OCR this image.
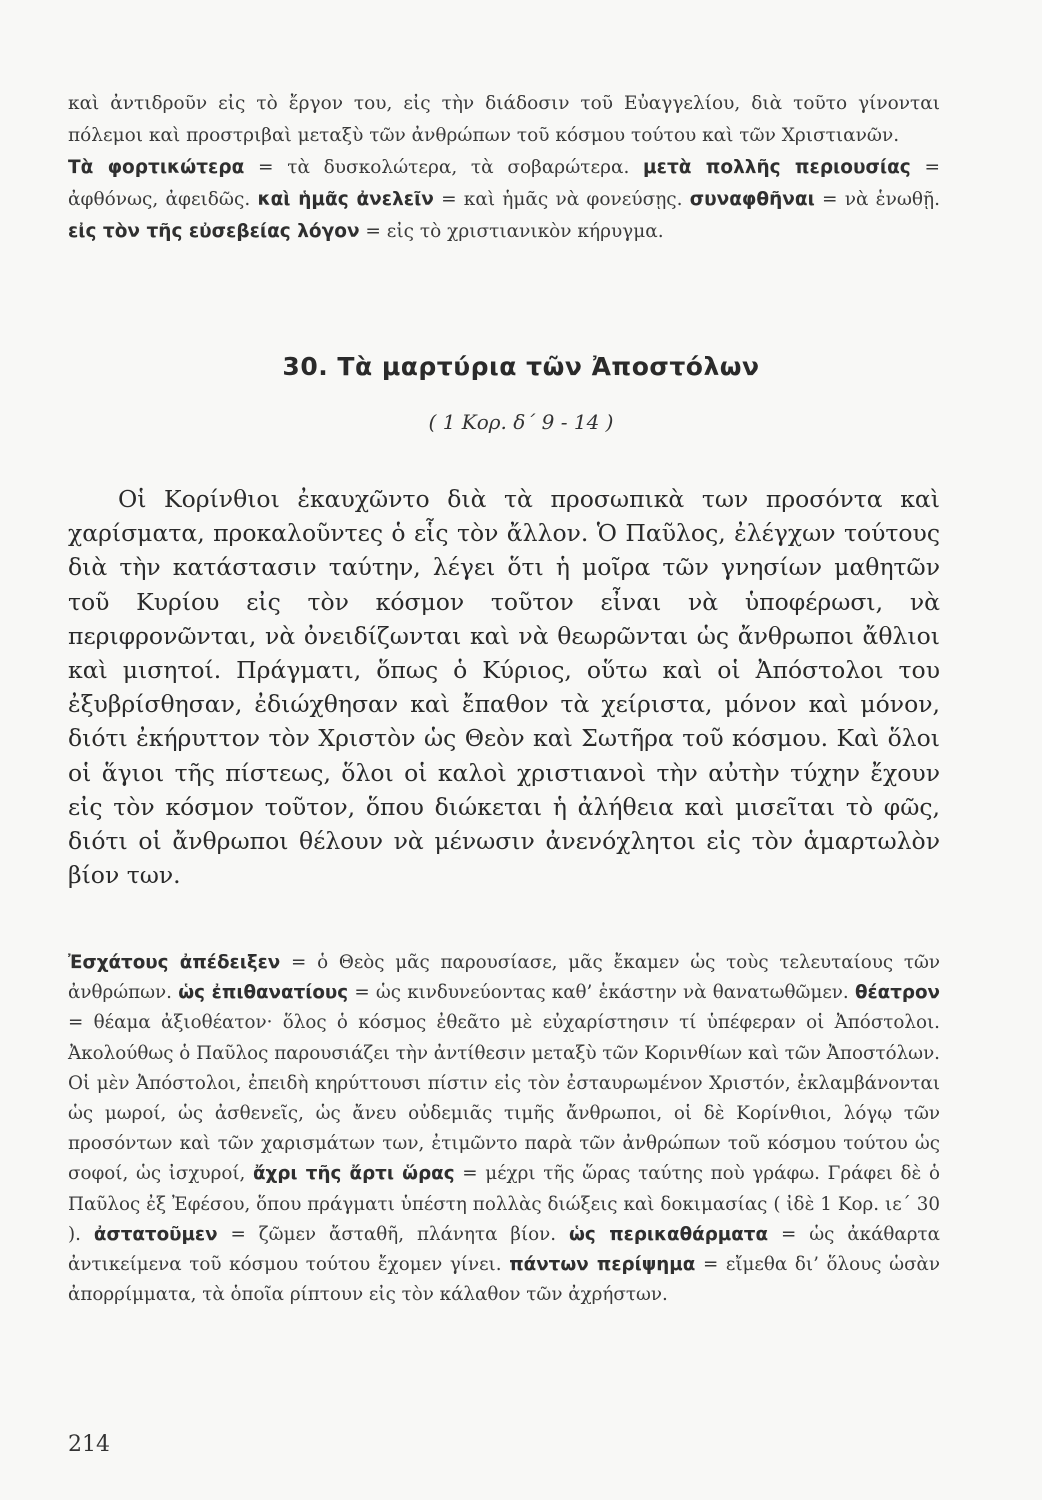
καὶ ἀντιδροῦν εἰς τὸ ἔργον του, εἰς τὴν διάδοσιν τοῦ Εὐαγγελίου, διὰ τοῦτο γίνονται πόλεμοι καὶ προστριβαὶ μεταξὺ τῶν ἀνθρώπων τοῦ κόσμου τούτου καὶ τῶν Χριστιανῶν.

Τὰ φορτικώτερα = τὰ δυσκολώτερα, τὰ σοβαρώτερα. μετὰ πολλῆς περιουσίας = ἀφθόνως, ἀφειδῶς. καὶ ἡμᾶς ἀνελεῖν = καὶ ἡμᾶς νὰ φονεύσῃς. συναφθῆναι = νὰ ἑνωθῇ. εἰς τὸν τῆς εὐσεβείας λόγον = εἰς τὸ χριστιανικὸν κήρυγμα.

30. Τὰ μαρτύρια τῶν Ἀποστόλων

( 1 Κορ. δ΄ 9 - 14 )

Οἱ Κορίνθιοι ἐκαυχῶντο διὰ τὰ προσωπικὰ των προσόντα καὶ χαρίσματα, προκαλοῦντες ὁ εἷς τὸν ἄλλον. Ὁ Παῦλος, ἐλέγχων τούτους διὰ τὴν κατάστασιν ταύτην, λέγει ὅτι ἡ μοῖρα τῶν γνησίων μαθητῶν τοῦ Κυρίου εἰς τὸν κόσμον τοῦτον εἶναι νὰ ὑποφέρωσι, νὰ περιφρονῶνται, νὰ ὀνειδίζωνται καὶ νὰ θεωρῶνται ὡς ἄνθρωποι ἄθλιοι καὶ μισητοί. Πράγματι, ὅπως ὁ Κύριος, οὕτω καὶ οἱ Ἀπόστολοι του ἐξυβρίσθησαν, ἐδιώχθησαν καὶ ἔπαθον τὰ χείριστα, μόνον καὶ μόνον, διότι ἐκήρυττον τὸν Χριστὸν ὡς Θεὸν καὶ Σωτῆρα τοῦ κόσμου. Καὶ ὅλοι οἱ ἅγιοι τῆς πίστεως, ὅλοι οἱ καλοὶ χριστιανοὶ τὴν αὐτὴν τύχην ἔχουν εἰς τὸν κόσμον τοῦτον, ὅπου διώκεται ἡ ἀλήθεια καὶ μισεῖται τὸ φῶς, διότι οἱ ἄνθρωποι θέλουν νὰ μένωσιν ἀνενόχλητοι εἰς τὸν ἁμαρτωλὸν βίον των.

Ἐσχάτους ἀπέδειξεν = ὁ Θεὸς μᾶς παρουσίασε, μᾶς ἔκαμεν ὡς τοὺς τελευταίους τῶν ἀνθρώπων. ὡς ἐπιθανατίους = ὡς κινδυνεύοντας καθ’ ἑκάστην νὰ θανατωθῶμεν. θέατρον = θέαμα ἀξιοθέατον· ὅλος ὁ κόσμος ἐθεᾶτο μὲ εὐχαρίστησιν τί ὑπέφεραν οἱ Ἀπόστολοι. Ἀκολούθως ὁ Παῦλος παρουσιάζει τὴν ἀντίθεσιν μεταξὺ τῶν Κορινθίων καὶ τῶν Ἀποστόλων. Οἱ μὲν Ἀπόστολοι, ἐπειδὴ κηρύττουσι πίστιν εἰς τὸν ἐσταυρωμένον Χριστόν, ἐκλαμβάνονται ὡς μωροί, ὡς ἀσθενεῖς, ὡς ἄνευ οὐδεμιᾶς τιμῆς ἄνθρωποι, οἱ δὲ Κορίνθιοι, λόγῳ τῶν προσόντων καὶ τῶν χαρισμάτων των, ἐτιμῶντο παρὰ τῶν ἀνθρώπων τοῦ κόσμου τούτου ὡς σοφοί, ὡς ἰσχυροί, ἄχρι τῆς ἄρτι ὥρας = μέχρι τῆς ὥρας ταύτης ποὺ γράφω. Γράφει δὲ ὁ Παῦλος ἐξ Ἐφέσου, ὅπου πράγματι ὑπέστη πολλὰς διώξεις καὶ δοκιμασίας ( ἰδὲ 1 Κορ. ιε΄ 30 ). ἀστατοῦμεν = ζῶμεν ἄσταθῆ, πλάνητα βίον. ὡς περικαθάρματα = ὡς ἀκάθαρτα ἀντικείμενα τοῦ κόσμου τούτου ἔχομεν γίνει. πάντων περίψημα = εἴμεθα δι’ ὅλους ὡσὰν ἀπορρίμματα, τὰ ὁποῖα ρίπτουν εἰς τὸν κάλαθον τῶν ἀχρήστων.

214
